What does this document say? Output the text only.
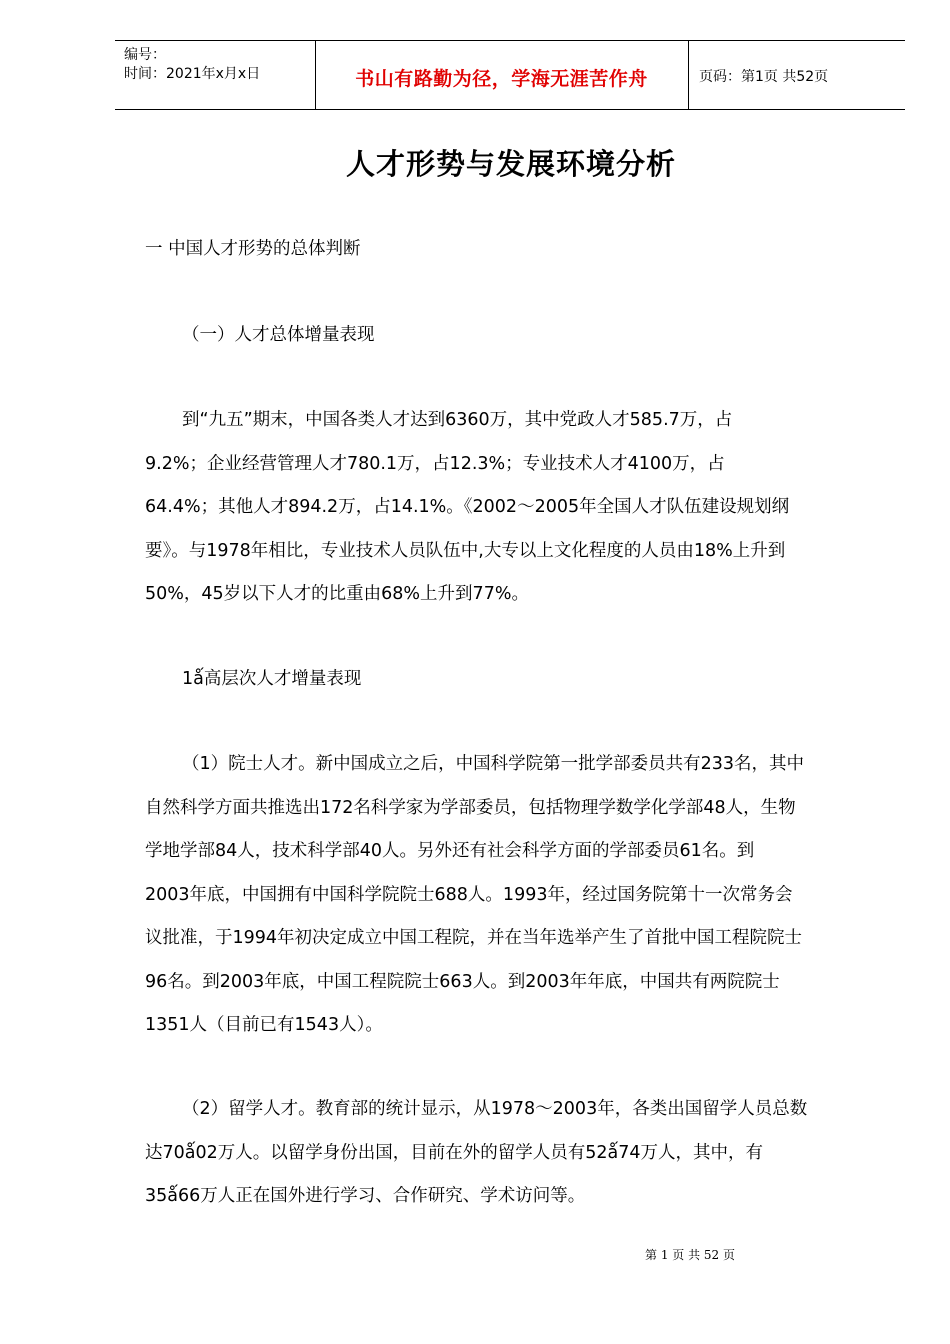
编号：
时间：2021年x月x日	书山有路勤为径，学海无涯苦作舟	页码：第1页 共52页
人才形势与发展环境分析
一 中国人才形势的总体判断
（一）人才总体增量表现
到“九五”期末，中国各类人才达到6360万，其中党政人才585.7万，占
9.2%；企业经营管理人才780.1万，占12.3%；专业技术人才4100万，占
64.4%；其他人才894.2万，占14.1%。《2002～2005年全国人才队伍建设规划纲
要》。与1978年相比，专业技术人员队伍中,大专以上文化程度的人员由18%上升到
50%，45岁以下人才的比重由68%上升到77%。
1ǻ高层次人才增量表现
（1）院士人才。新中国成立之后，中国科学院第一批学部委员共有233名，其中
自然科学方面共推选出172名科学家为学部委员，包括物理学数学化学部48人，生物
学地学部84人，技术科学部40人。另外还有社会科学方面的学部委员61名。到
2003年底，中国拥有中国科学院院士688人。1993年，经过国务院第十一次常务会
议批准，于1994年初决定成立中国工程院，并在当年选举产生了首批中国工程院院士
96名。到2003年底，中国工程院院士663人。到2003年年底，中国共有两院院士
1351人（目前已有1543人）。
（2）留学人才。教育部的统计显示，从1978～2003年，各类出国留学人员总数
达70ǻ02万人。以留学身份出国，目前在外的留学人员有52ǻ74万人，其中，有
35ǻ66万人正在国外进行学习、合作研究、学术访问等。
第 1 页 共 52 页
